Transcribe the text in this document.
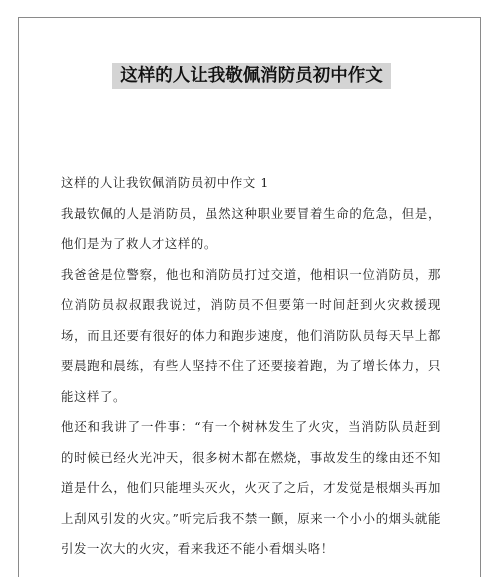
这样的人让我敬佩消防员初中作文

这样的人让我钦佩消防员初中作文 1

我最钦佩的人是消防员，虽然这种职业要冒着生命的危急，但是，他们是为了救人才这样的。

我爸爸是位警察，他也和消防员打过交道，他相识一位消防员，那位消防员叔叔跟我说过，消防员不但要第一时间赶到火灾救援现场，而且还要有很好的体力和跑步速度，他们消防队员每天早上都要晨跑和晨练，有些人坚持不住了还要接着跑，为了增长体力，只能这样了。

他还和我讲了一件事：“有一个树林发生了火灾，当消防队员赶到的时候已经火光冲天，很多树木都在燃烧，事故发生的缘由还不知道是什么，他们只能埋头灭火，火灭了之后，才发觉是根烟头再加上刮风引发的火灾。”听完后我不禁一颤，原来一个小小的烟头就能引发一次大的火灾，看来我还不能小看烟头咯！
